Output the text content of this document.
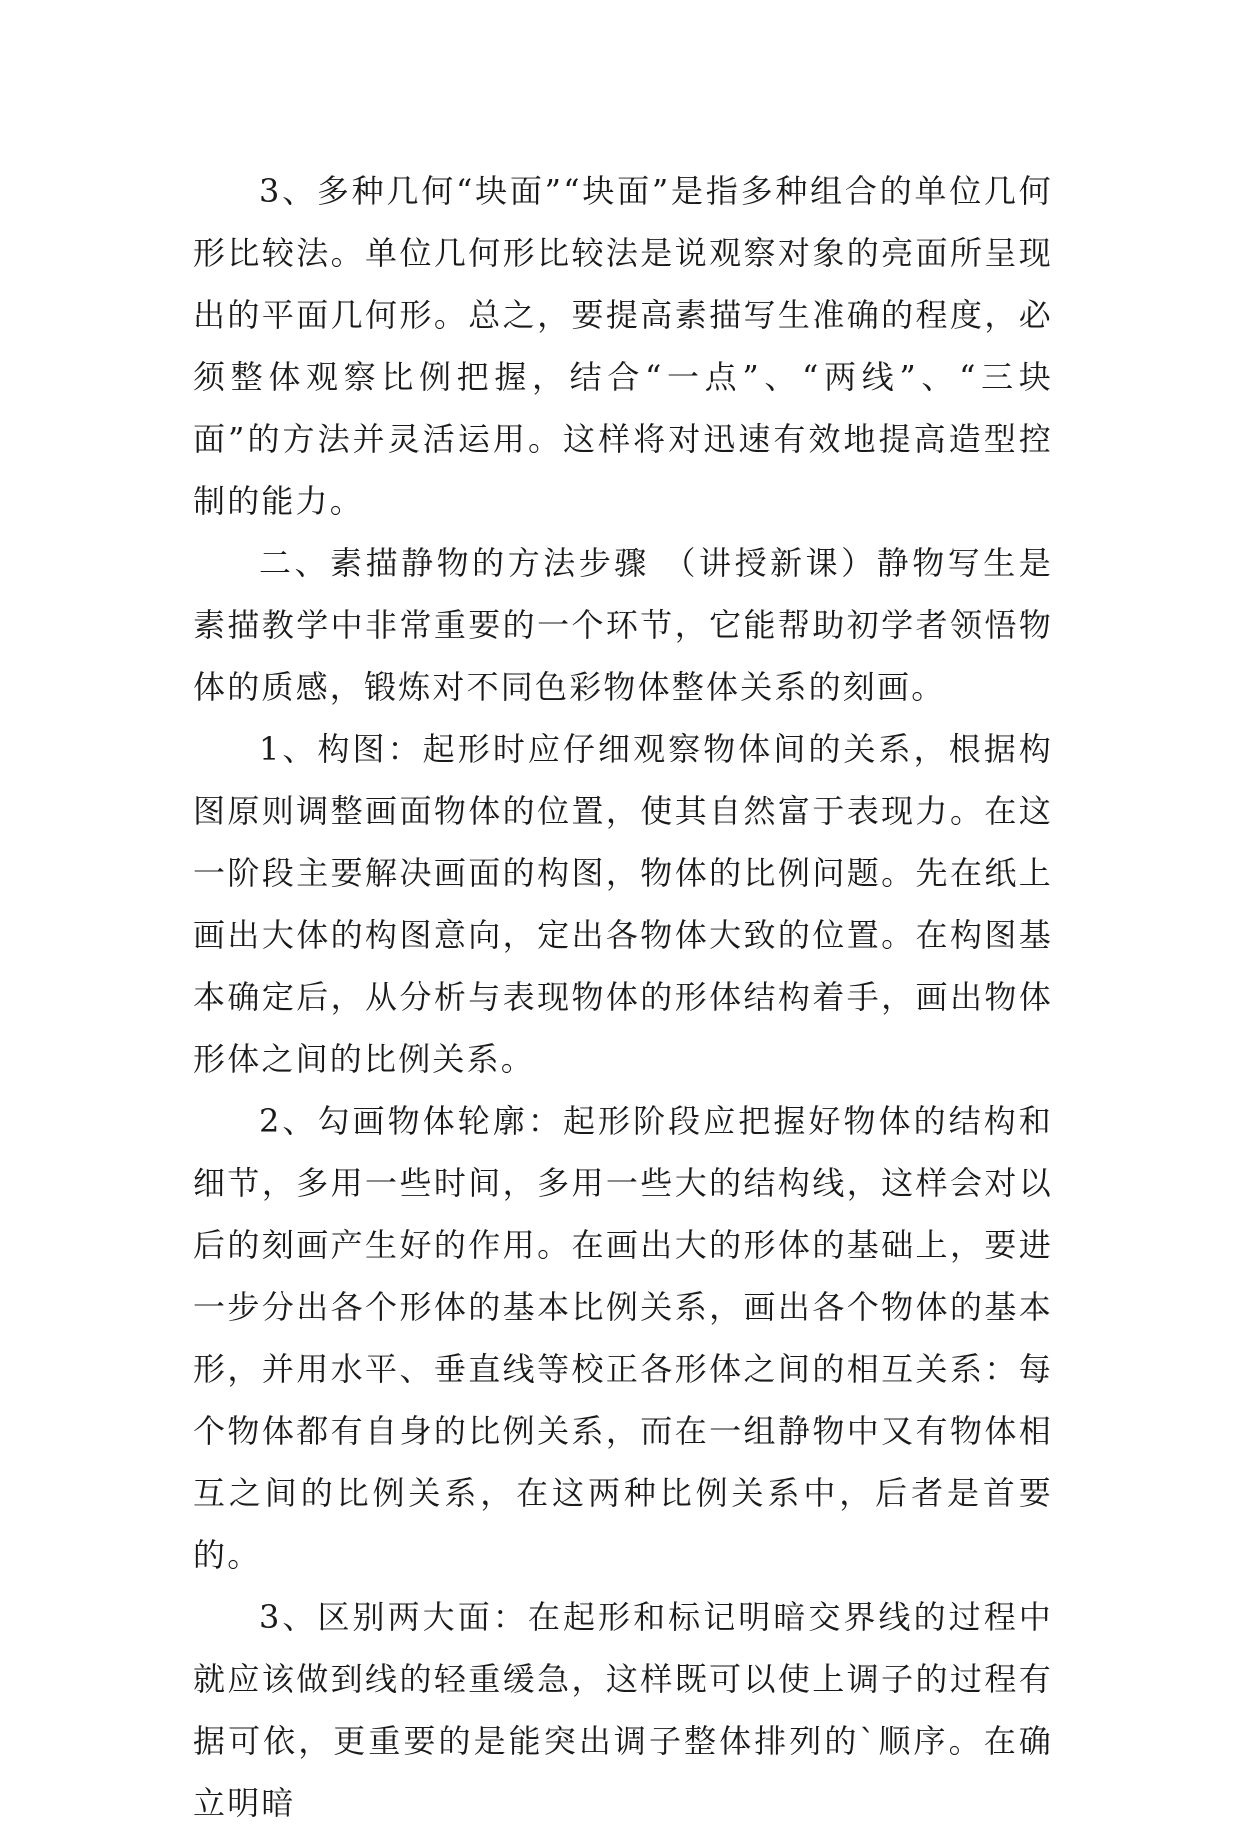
3、多种几何“块面”“块面”是指多种组合的单位几何形比较法。单位几何形比较法是说观察对象的亮面所呈现出的平面几何形。总之，要提高素描写生准确的程度，必须整体观察比例把握，结合“一点”、“两线”、“三块面”的方法并灵活运用。这样将对迅速有效地提高造型控制的能力。

二、素描静物的方法步骤 （讲授新课）静物写生是素描教学中非常重要的一个环节，它能帮助初学者领悟物体的质感，锻炼对不同色彩物体整体关系的刻画。

1、构图：起形时应仔细观察物体间的关系，根据构图原则调整画面物体的位置，使其自然富于表现力。在这一阶段主要解决画面的构图，物体的比例问题。先在纸上画出大体的构图意向，定出各物体大致的位置。在构图基本确定后，从分析与表现物体的形体结构着手，画出物体形体之间的比例关系。

2、勾画物体轮廓：起形阶段应把握好物体的结构和细节，多用一些时间，多用一些大的结构线，这样会对以后的刻画产生好的作用。在画出大的形体的基础上，要进一步分出各个形体的基本比例关系，画出各个物体的基本形，并用水平、垂直线等校正各形体之间的相互关系：每个物体都有自身的比例关系，而在一组静物中又有物体相互之间的比例关系，在这两种比例关系中，后者是首要的。

3、区别两大面：在起形和标记明暗交界线的过程中就应该做到线的轻重缓急，这样既可以使上调子的过程有据可依，更重要的是能突出调子整体排列的`顺序。在确立明暗
